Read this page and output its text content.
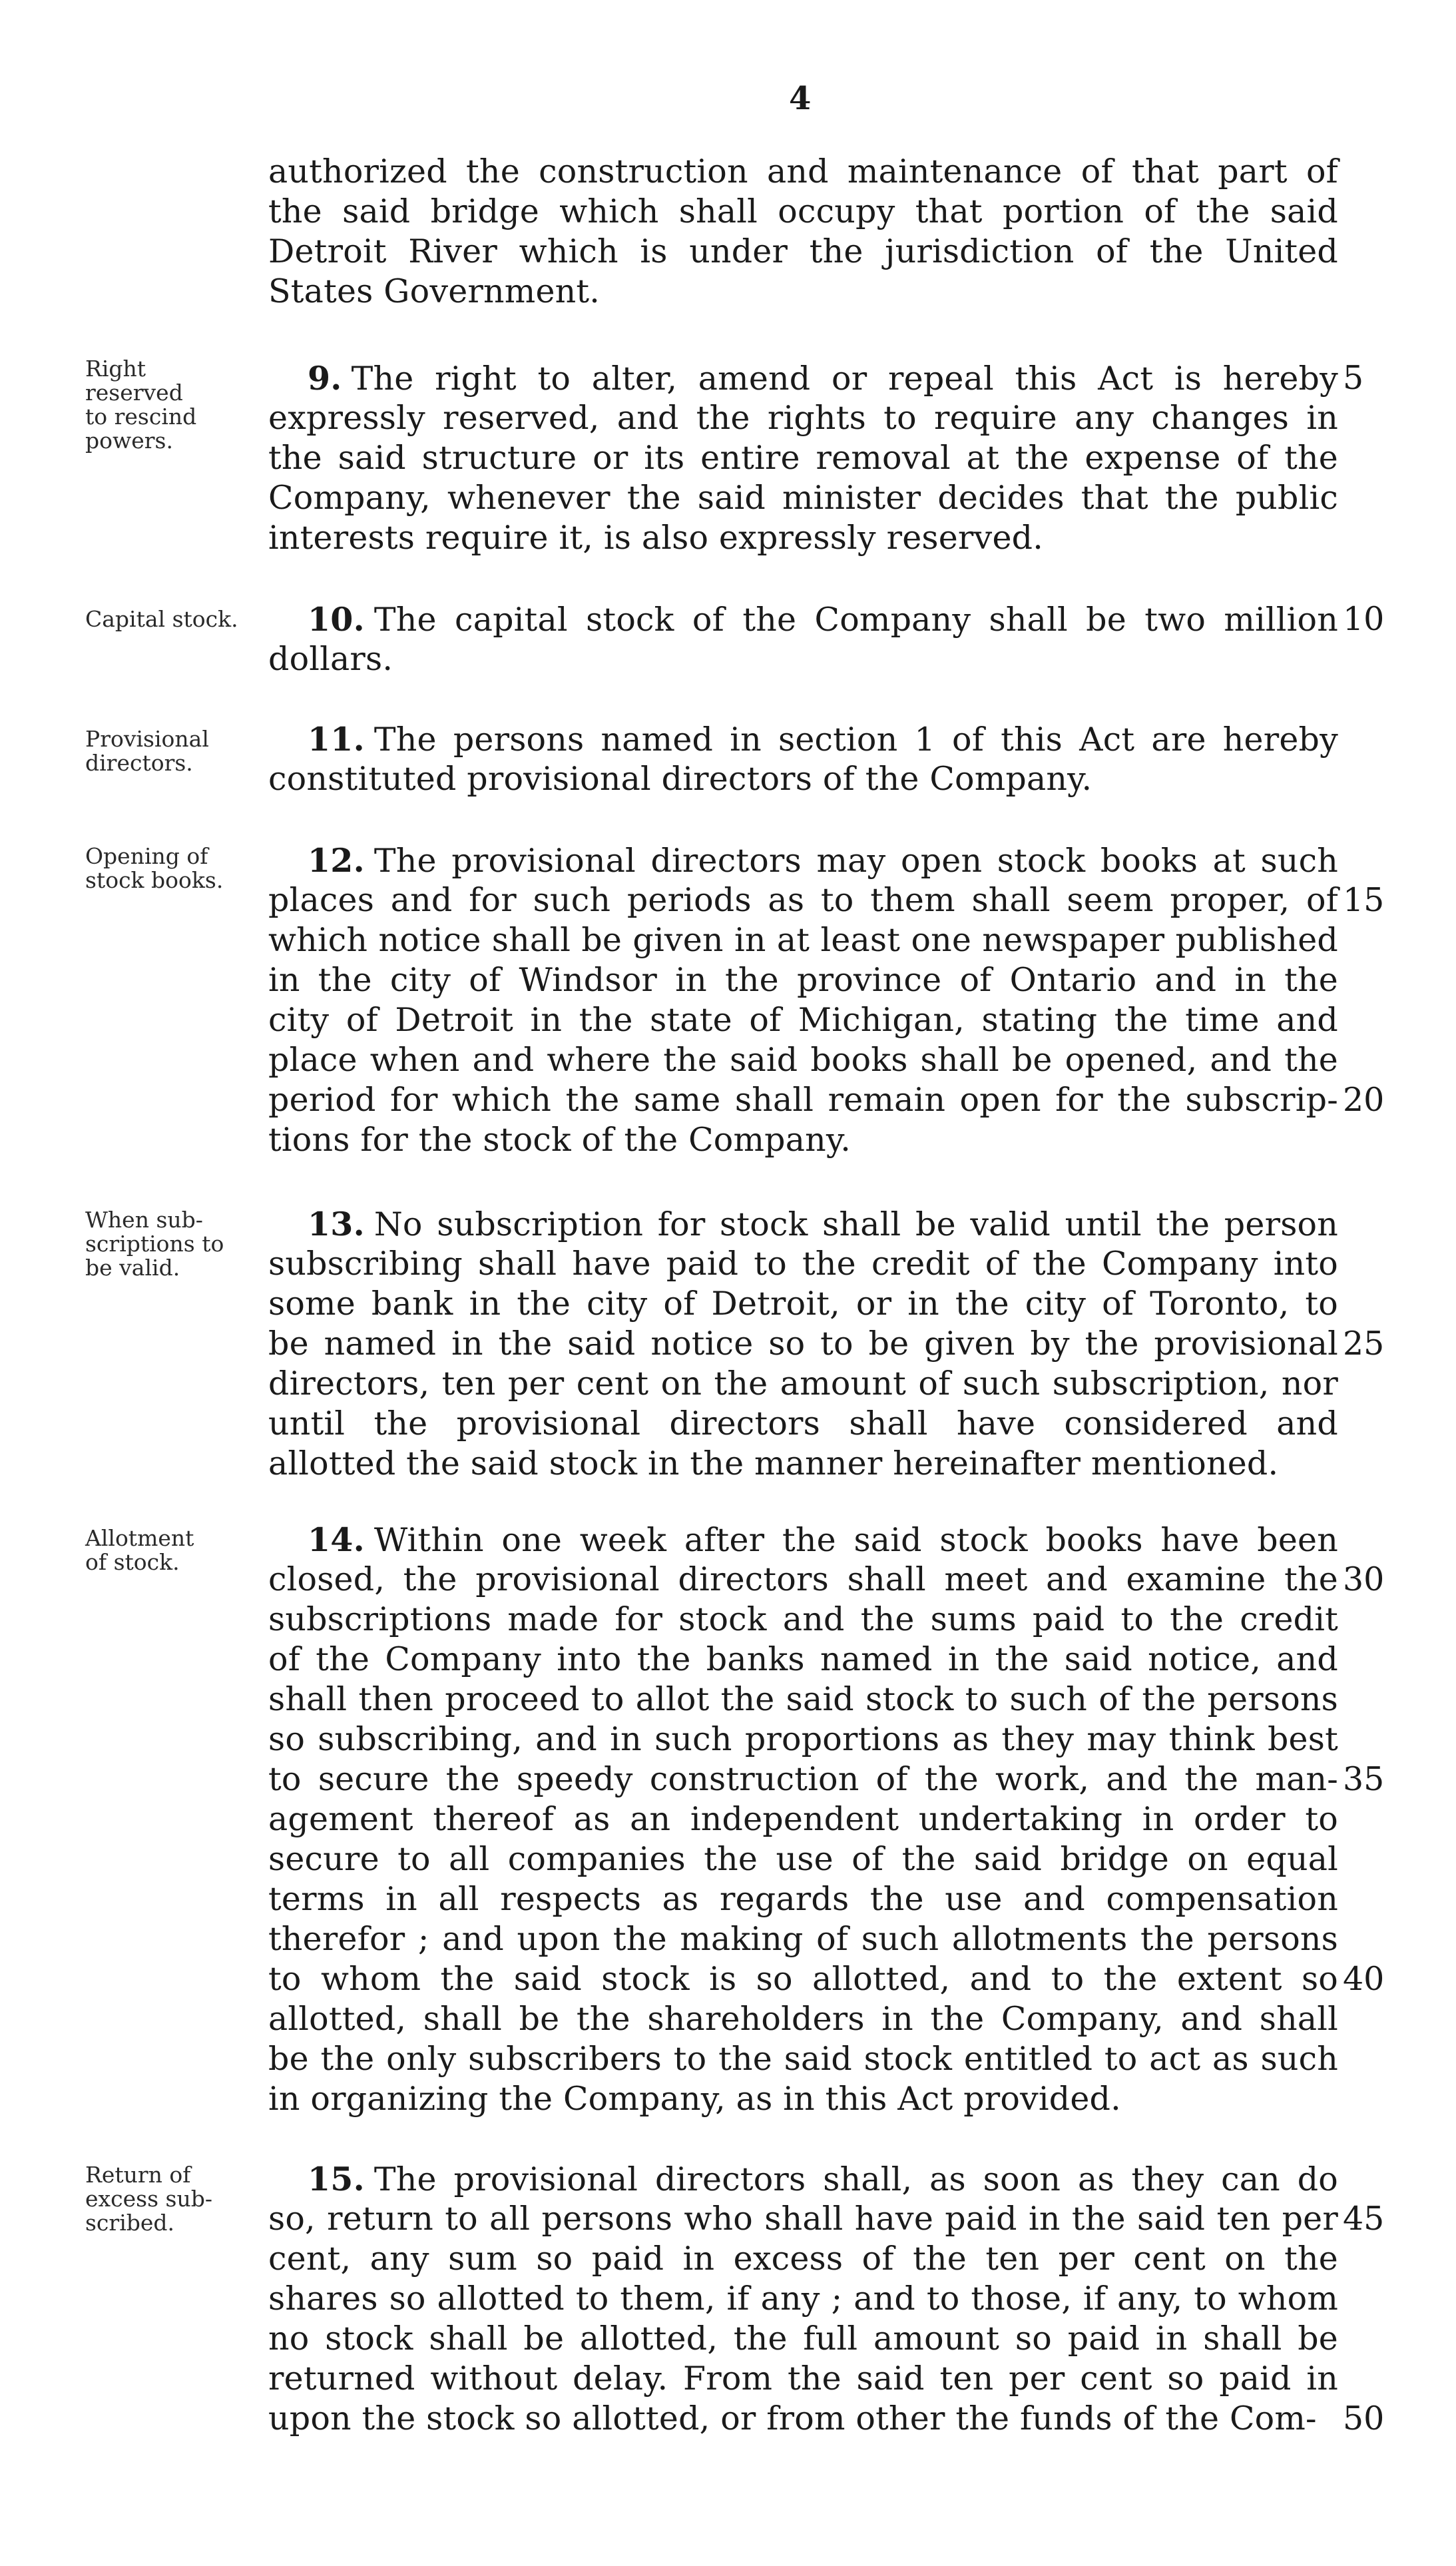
4
authorized the construction and maintenance of that part of
the said bridge which shall occupy that portion of the said
Detroit River which is under the jurisdiction of the United
States Government.
9. The right to alter, amend or repeal this Act is hereby
expressly reserved, and the rights to require any changes in
the said structure or its entire removal at the expense of the
Company, whenever the said minister decides that the public
interests require it, is also expressly reserved.
Right
reserved
to rescind
powers.
10. The capital stock of the Company shall be two million
dollars.
Capital stock.
11. The persons named in section 1 of this Act are hereby
constituted provisional directors of the Company.
Provisional
directors.
12. The provisional directors may open stock books at such
places and for such periods as to them shall seem proper, of
which notice shall be given in at least one newspaper published
in the city of Windsor in the province of Ontario and in the
city of Detroit in the state of Michigan, stating the time and
place when and where the said books shall be opened, and the
period for which the same shall remain open for the subscrip-
tions for the stock of the Company.
Opening of
stock books.
13. No subscription for stock shall be valid until the person
subscribing shall have paid to the credit of the Company into
some bank in the city of Detroit, or in the city of Toronto, to
be named in the said notice so to be given by the provisional
directors, ten per cent on the amount of such subscription, nor
until the provisional directors shall have considered and
allotted the said stock in the manner hereinafter mentioned.
When sub-
scriptions to
be valid.
14. Within one week after the said stock books have been
closed, the provisional directors shall meet and examine the
subscriptions made for stock and the sums paid to the credit
of the Company into the banks named in the said notice, and
shall then proceed to allot the said stock to such of the persons
so subscribing, and in such proportions as they may think best
to secure the speedy construction of the work, and the man-
agement thereof as an independent undertaking in order to
secure to all companies the use of the said bridge on equal
terms in all respects as regards the use and compensation
therefor ; and upon the making of such allotments the persons
to whom the said stock is so allotted, and to the extent so
allotted, shall be the shareholders in the Company, and shall
be the only subscribers to the said stock entitled to act as such
in organizing the Company, as in this Act provided.
Allotment
of stock.
15. The provisional directors shall, as soon as they can do
so, return to all persons who shall have paid in the said ten per
cent, any sum so paid in excess of the ten per cent on the
shares so allotted to them, if any ; and to those, if any, to whom
no stock shall be allotted, the full amount so paid in shall be
returned without delay. From the said ten per cent so paid in
upon the stock so allotted, or from other the funds of the Com-
Return of
excess sub-
scribed.
5
10
15
20
25
30
35
40
45
50
